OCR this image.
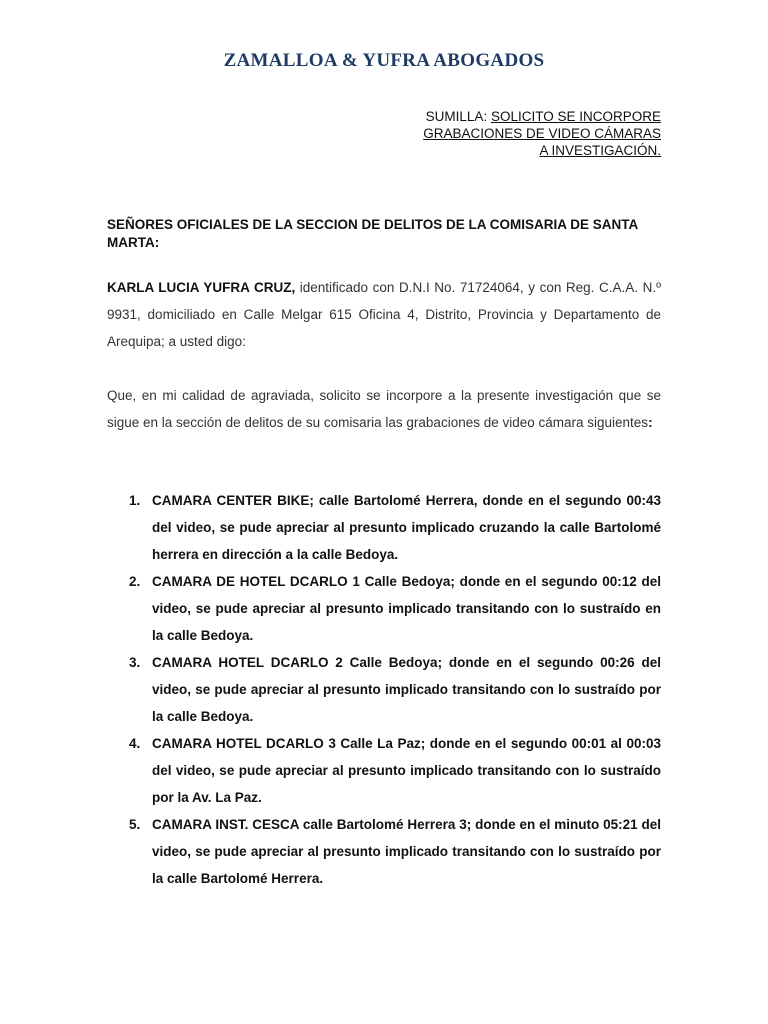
ZAMALLOA & YUFRA ABOGADOS
SUMILLA: SOLICITO SE INCORPORE
GRABACIONES DE VIDEO CÁMARAS
A INVESTIGACIÓN.
SEÑORES OFICIALES DE LA SECCION DE DELITOS DE LA COMISARIA DE SANTA MARTA:
KARLA LUCIA YUFRA CRUZ, identificado con D.N.I No. 71724064, y con Reg. C.A.A. N.º 9931, domiciliado en Calle Melgar 615 Oficina 4, Distrito, Provincia y Departamento de Arequipa; a usted digo:
Que, en mi calidad de agraviada, solicito se incorpore a la presente investigación que se sigue en la sección de delitos de su comisaria las grabaciones de video cámara siguientes:
1. CAMARA CENTER BIKE; calle Bartolomé Herrera, donde en el segundo 00:43 del video, se pude apreciar al presunto implicado cruzando la calle Bartolomé herrera en dirección a la calle Bedoya.
2. CAMARA DE HOTEL DCARLO 1 Calle Bedoya; donde en el segundo 00:12 del video, se pude apreciar al presunto implicado transitando con lo sustraído en la calle Bedoya.
3. CAMARA HOTEL DCARLO 2 Calle Bedoya; donde en el segundo 00:26 del video, se pude apreciar al presunto implicado transitando con lo sustraído por la calle Bedoya.
4. CAMARA HOTEL DCARLO 3 Calle La Paz; donde en el segundo 00:01 al 00:03 del video, se pude apreciar al presunto implicado transitando con lo sustraído por la Av. La Paz.
5. CAMARA INST. CESCA calle Bartolomé Herrera 3; donde en el minuto 05:21 del video, se pude apreciar al presunto implicado transitando con lo sustraído por la calle Bartolomé Herrera.
